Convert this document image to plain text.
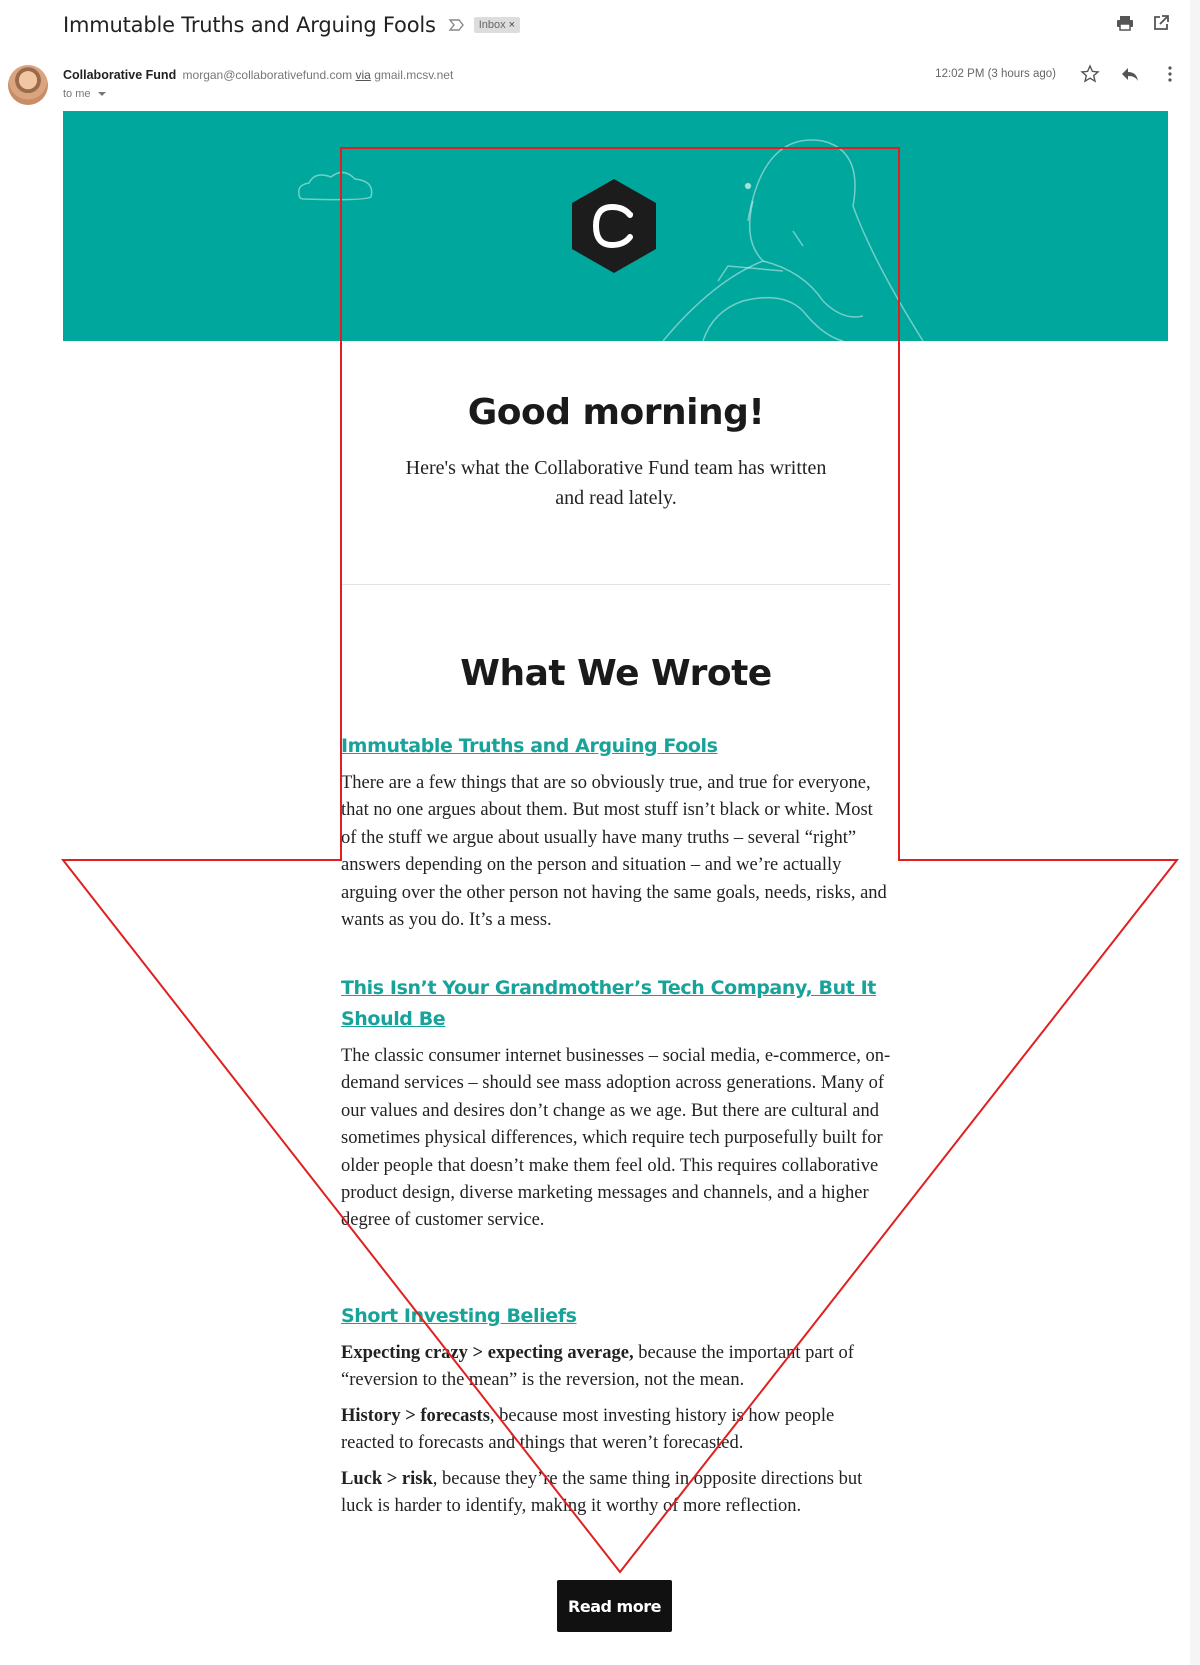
Immutable Truths and Arguing Fools	Inbox ×
Collaborative Fund morgan@collaborativefund.com via gmail.mcsv.net
to me
12:02 PM (3 hours ago)
Good morning!
Here's what the Collaborative Fund team has written and read lately.
What We Wrote
Immutable Truths and Arguing Fools

There are a few things that are so obviously true, and true for everyone, that no one argues about them. But most stuff isn’t black or white. Most of the stuff we argue about usually have many truths – several “right” answers depending on the person and situation – and we’re actually arguing over the other person not having the same goals, needs, risks, and wants as you do. It’s a mess.

This Isn’t Your Grandmother’s Tech Company, But It Should Be

The classic consumer internet businesses – social media, e-commerce, on-demand services – should see mass adoption across generations. Many of our values and desires don’t change as we age. But there are cultural and sometimes physical differences, which require tech purposefully built for older people that doesn’t make them feel old. This requires collaborative product design, diverse marketing messages and channels, and a higher degree of customer service.

Short Investing Beliefs

Expecting crazy > expecting average, because the important part of “reversion to the mean” is the reversion, not the mean.

History > forecasts, because most investing history is how people reacted to forecasts and things that weren’t forecasted.

Luck > risk, because they’re the same thing in opposite directions but luck is harder to identify, making it worthy of more reflection.

Read more
